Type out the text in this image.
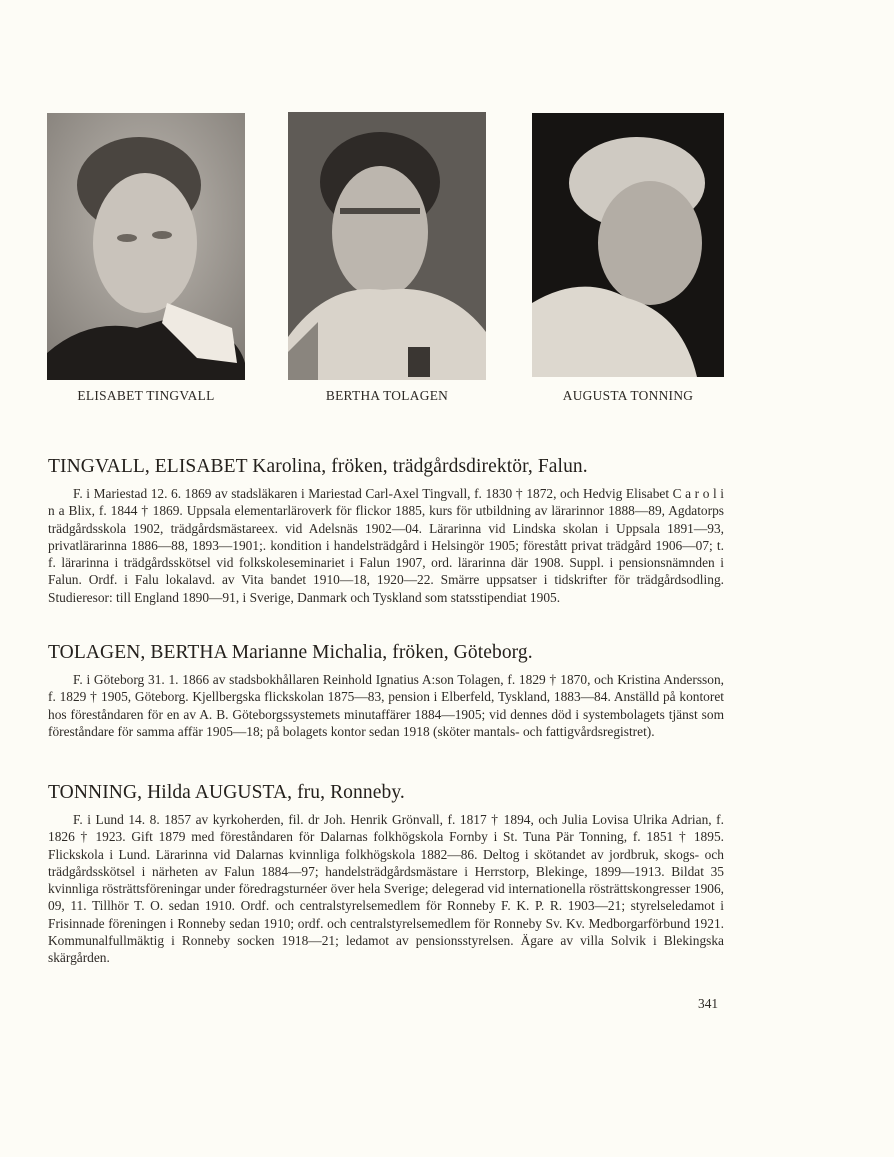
ELISABET TINGVALL	BERTHA TOLAGEN	AUGUSTA TONNING
TINGVALL, ELISABET Karolina, fröken, trädgårdsdirektör, Falun.

F. i Mariestad 12. 6. 1869 av stadsläkaren i Mariestad Carl-Axel Tingvall, f. 1830 † 1872, och Hedvig Elisabet C a r o l i n a Blix, f. 1844 † 1869. Uppsala elementarläroverk för flickor 1885, kurs för utbildning av lärarinnor 1888—89, Agdatorps trädgårdsskola 1902, trädgårdsmästareex. vid Adelsnäs 1902—04. Lärarinna vid Lindska skolan i Uppsala 1891—93, privatlärarinna 1886—88, 1893—1901;. kondition i handelsträdgård i Helsingör 1905; förestått privat trädgård 1906—07; t. f. lärarinna i trädgårdsskötsel vid folkskoleseminariet i Falun 1907, ord. lärarinna där 1908. Suppl. i pensionsnämnden i Falun. Ordf. i Falu lokalavd. av Vita bandet 1910—18, 1920—22. Smärre uppsatser i tidskrifter för trädgårdsodling. Studieresor: till England 1890—91, i Sverige, Danmark och Tyskland som statsstipendiat 1905.

TOLAGEN, BERTHA Marianne Michalia, fröken, Göteborg.

F. i Göteborg 31. 1. 1866 av stadsbokhållaren Reinhold Ignatius A:son Tolagen, f. 1829 † 1870, och Kristina Andersson, f. 1829 † 1905, Göteborg. Kjellbergska flickskolan 1875—83, pension i Elberfeld, Tyskland, 1883—84. Anställd på kontoret hos föreståndaren för en av A. B. Göteborgssystemets minutaffärer 1884—1905; vid dennes död i systembolagets tjänst som föreståndare för samma affär 1905—18; på bolagets kontor sedan 1918 (sköter mantals- och fattigvårdsregistret).

TONNING, Hilda AUGUSTA, fru, Ronneby.

F. i Lund 14. 8. 1857 av kyrkoherden, fil. dr Joh. Henrik Grönvall, f. 1817 † 1894, och Julia Lovisa Ulrika Adrian, f. 1826 † 1923. Gift 1879 med föreståndaren för Dalarnas folkhögskola Fornby i St. Tuna Pär Tonning, f. 1851 † 1895. Flickskola i Lund. Lärarinna vid Dalarnas kvinnliga folkhögskola 1882—86. Deltog i skötandet av jordbruk, skogs- och trädgårdsskötsel i närheten av Falun 1884—97; handelsträdgårdsmästare i Herrstorp, Blekinge, 1899—1913. Bildat 35 kvinnliga rösträttsföreningar under föredragsturnéer över hela Sverige; delegerad vid internationella rösträttskongresser 1906, 09, 11. Tillhör T. O. sedan 1910. Ordf. och centralstyrelsemedlem för Ronneby F. K. P. R. 1903—21; styrelseledamot i Frisinnade föreningen i Ronneby sedan 1910; ordf. och centralstyrelsemedlem för Ronneby Sv. Kv. Medborgarförbund 1921. Kommunalfullmäktig i Ronneby socken 1918—21; ledamot av pensionsstyrelsen. Ägare av villa Solvik i Blekingska skärgården.

341
